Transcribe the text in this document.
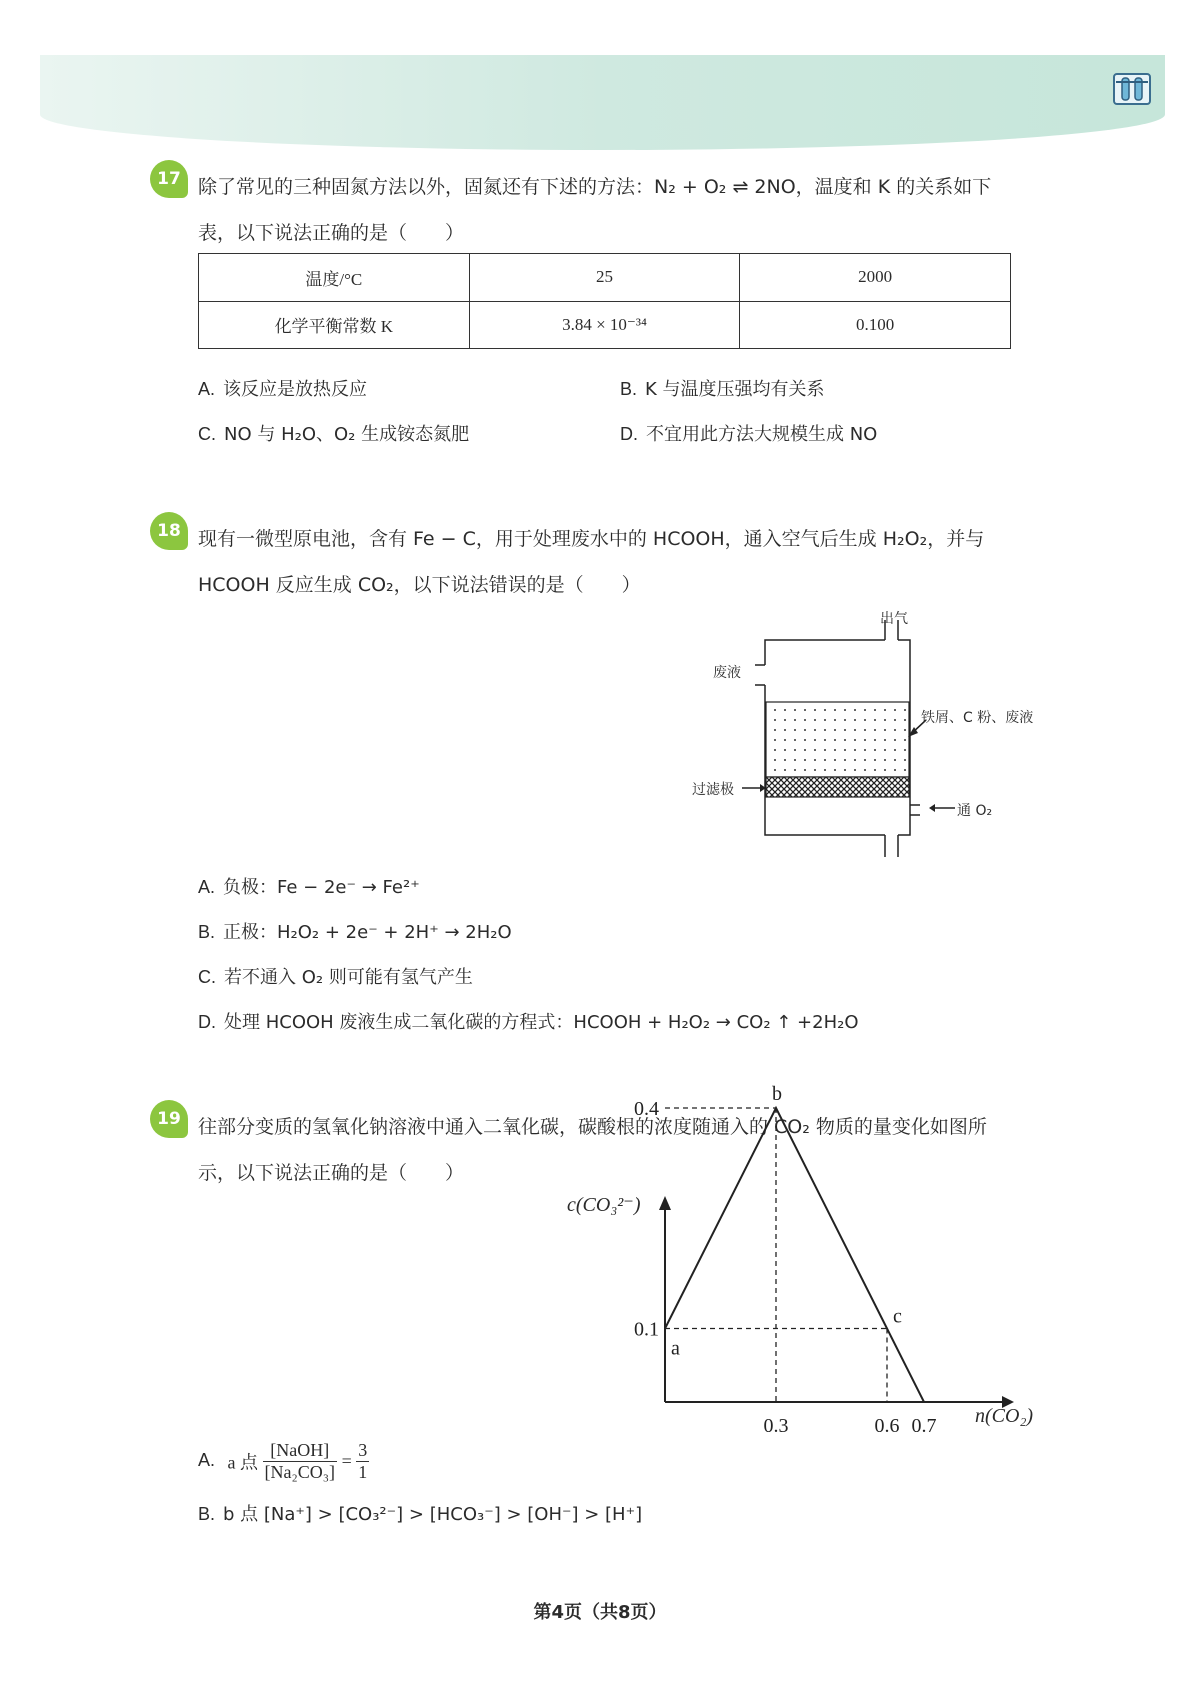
17 除了常见的三种固氮方法以外，固氮还有下述的方法：N₂ + O₂ ⇌ 2NO，温度和 K 的关系如下
表，以下说法正确的是（　　）
温度/°C	25	2000
化学平衡常数 K	3.84 × 10⁻³⁴	0.100
A. 该反应是放热反应	B. K 与温度压强均有关系
C. NO 与 H₂O、O₂ 生成铵态氮肥	D. 不宜用此方法大规模生成 NO
18 现有一微型原电池，含有 Fe − C，用于处理废水中的 HCOOH，通入空气后生成 H₂O₂，并与
HCOOH 反应生成 CO₂，以下说法错误的是（　　）
出气
废液
铁屑、C 粉、废液
过滤极
通 O₂
A. 负极：Fe − 2e⁻ → Fe²⁺
B. 正极：H₂O₂ + 2e⁻ + 2H⁺ → 2H₂O
C. 若不通入 O₂ 则可能有氢气产生
D. 处理 HCOOH 废液生成二氧化碳的方程式：HCOOH + H₂O₂ → CO₂ ↑ +2H₂O
19 往部分变质的氢氧化钠溶液中通入二氧化碳，碳酸根的浓度随通入的 CO₂ 物质的量变化如图所
示，以下说法正确的是（　　）
a
b
c
0.3	0.6 0.7
0.1
0.4
c(CO₃²⁻)
n(CO₂)
A. a 点 $\frac{\text{[NaOH]}}{\text{[Na₂CO₃]}} = \frac{3}{1}$
B. b 点 [Na⁺] > [CO₃²⁻] > [HCO₃⁻] > [OH⁻] > [H⁺]
第4页（共8页）
